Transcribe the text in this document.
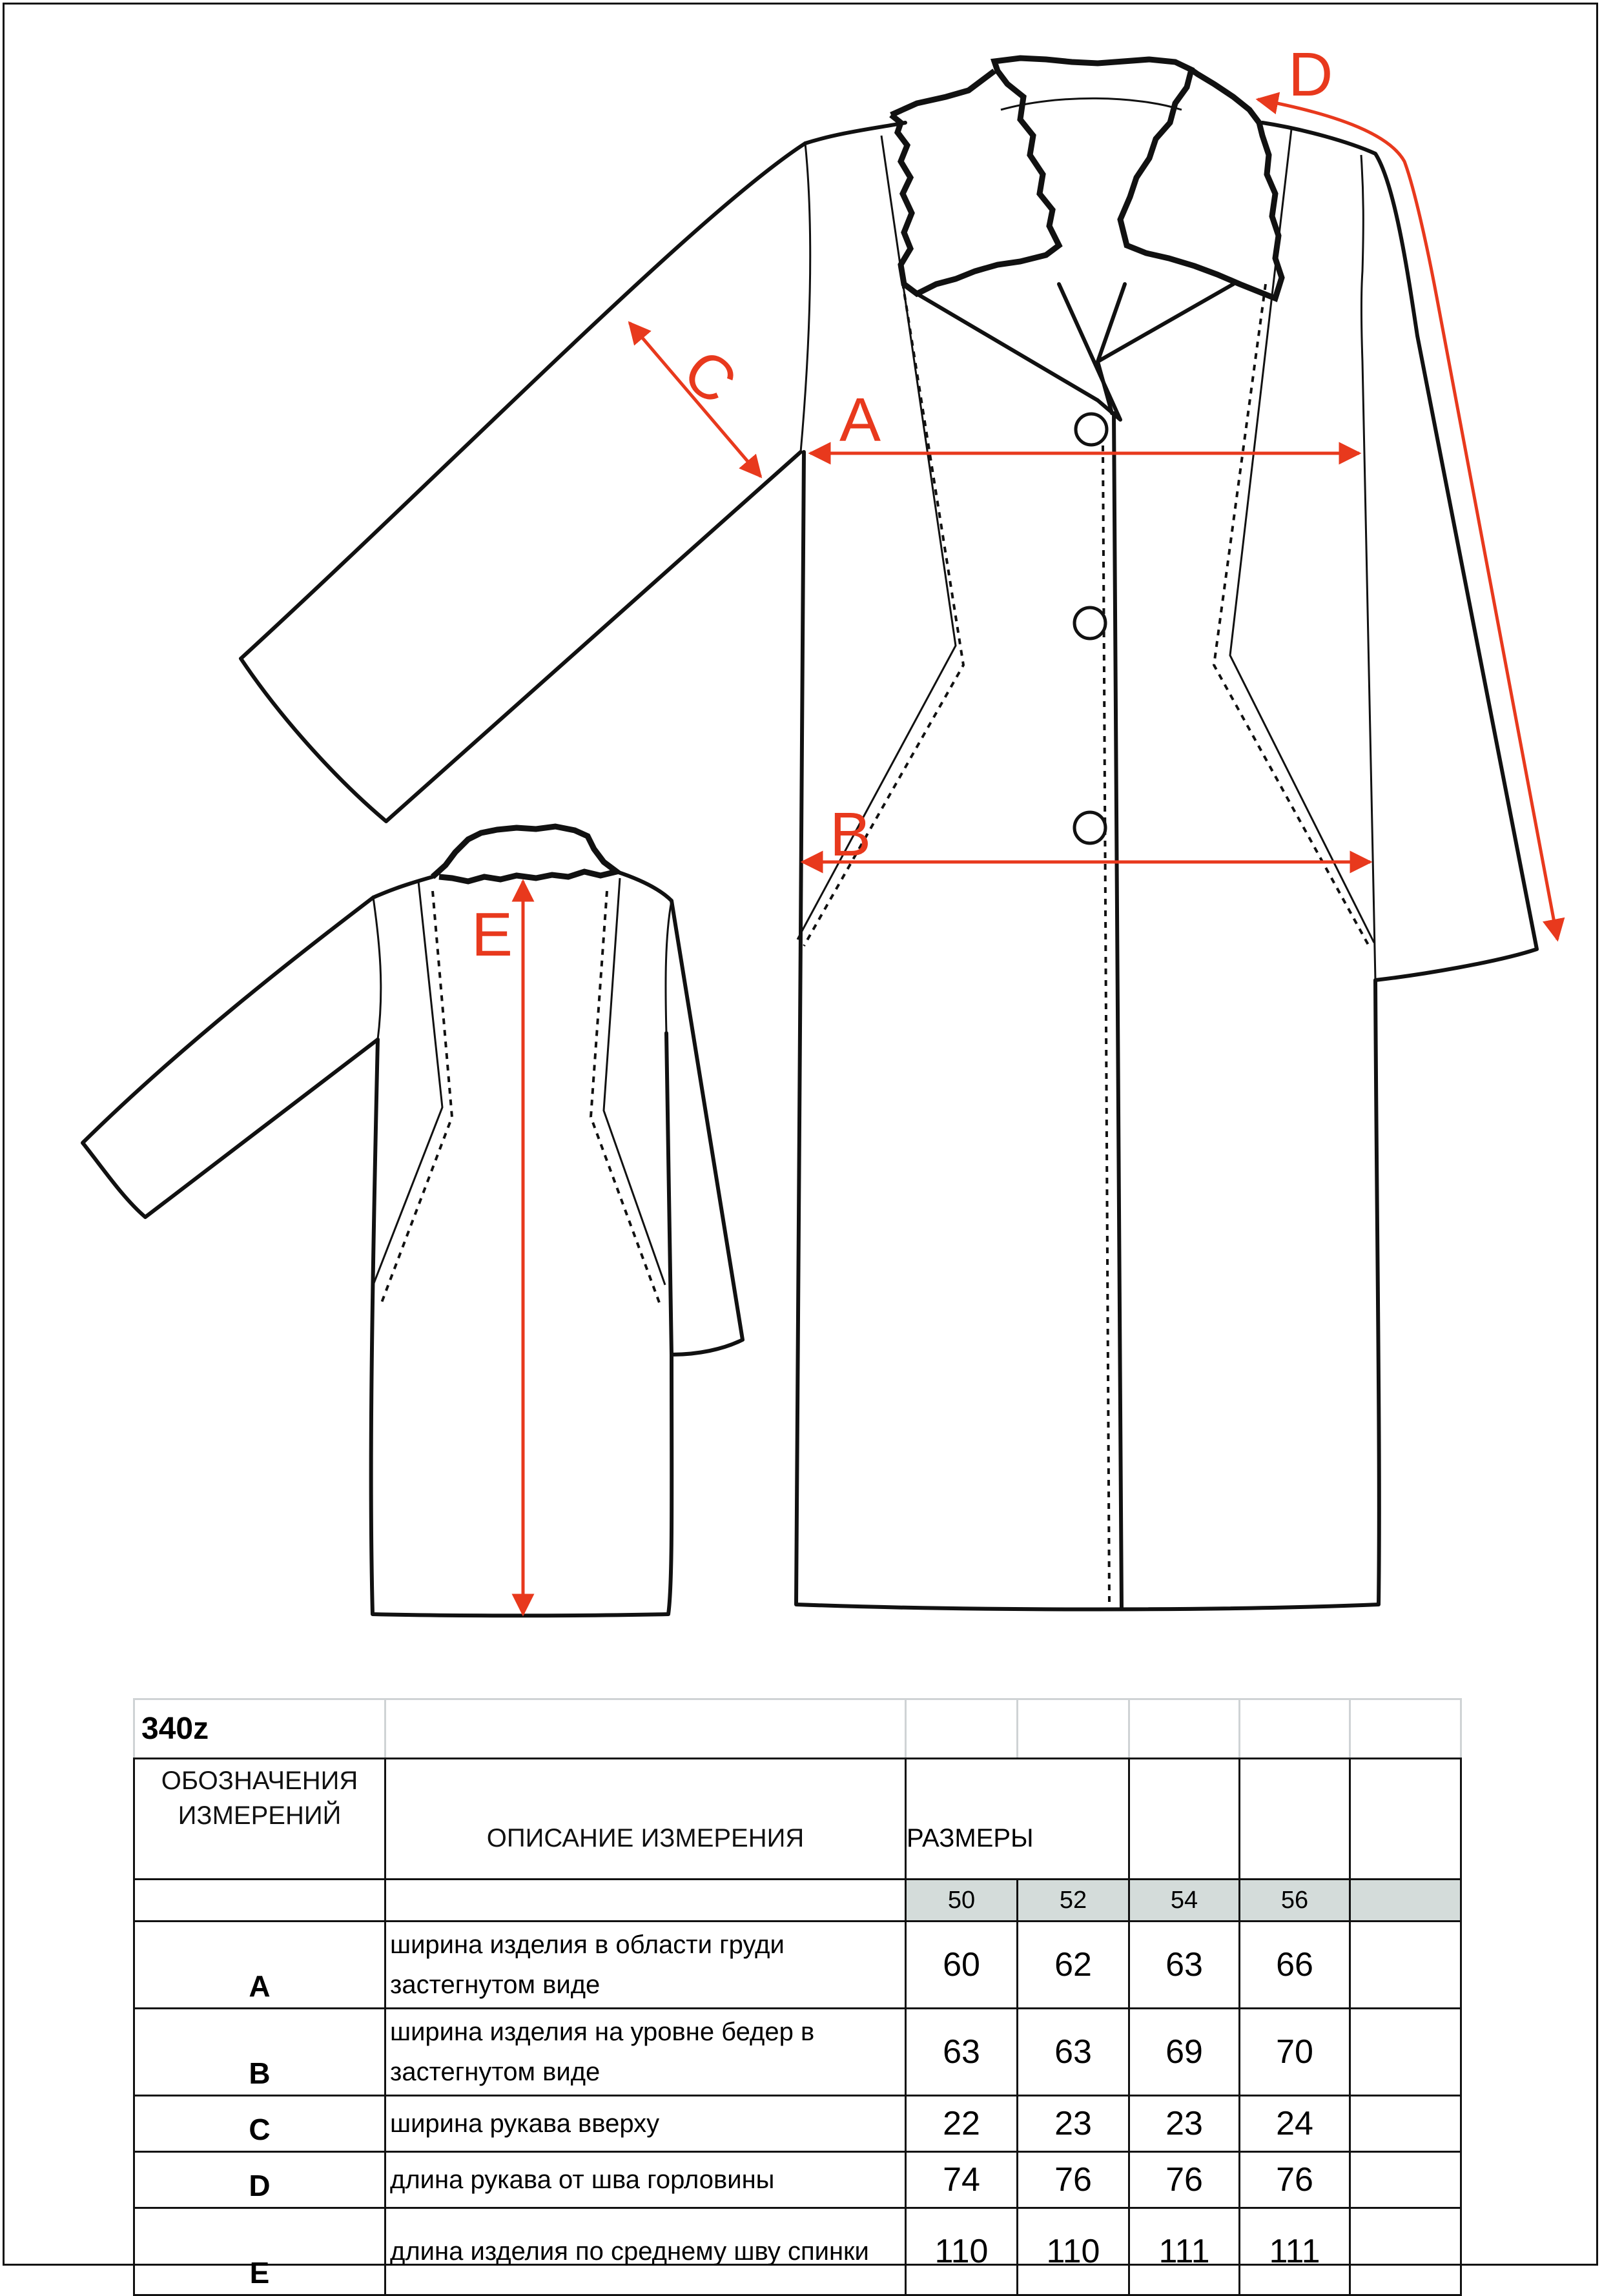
A
B
C
D
E
340z						
ОБОЗНАЧЕНИЯ ИЗМЕРЕНИЙ	ОПИСАНИЕ ИЗМЕРЕНИЯ	РАЗМЕРЫ				
		50	52	54	56	
A	ширина изделия в области груди застегнутом виде	60	62	63	66	
B	ширина изделия на уровне бедер в застегнутом виде	63	63	69	70	
C	ширина рукава вверху	22	23	23	24	
D	длина рукава от шва горловины	74	76	76	76	
E	длина изделия по среднему шву спинки	110	110	111	111	
